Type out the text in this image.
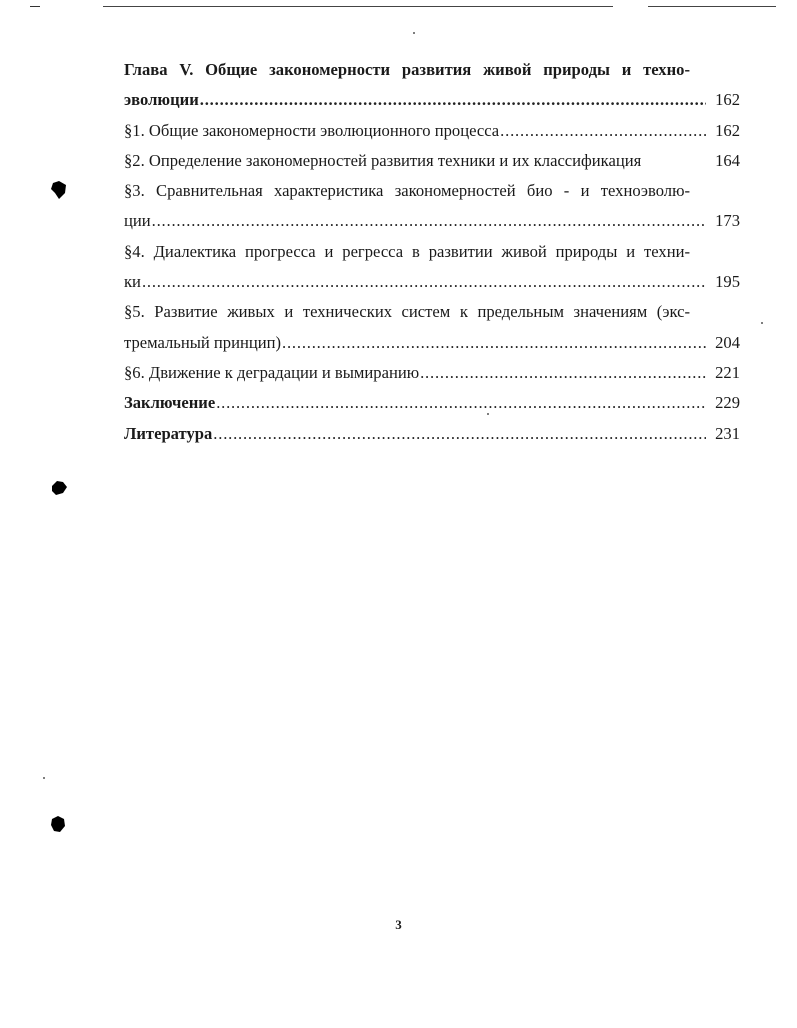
Глава V. Общие закономерности развития живой природы и техно-
эволюции .....	162
§1. Общие закономерности эволюционного процесса .....	162
§2. Определение закономерностей развития техники и их классификация	164
§3. Сравнительная характеристика закономерностей био - и техноэволю-
ции .....	173
§4. Диалектика прогресса и регресса в развитии живой природы и техни-
ки .....	195
§5. Развитие живых и технических систем к предельным значениям (экс-
тремальный принцип) .....	204
§6. Движение к деградации и вымиранию .....	221
Заключение .....	229
Литература .....	231
3
